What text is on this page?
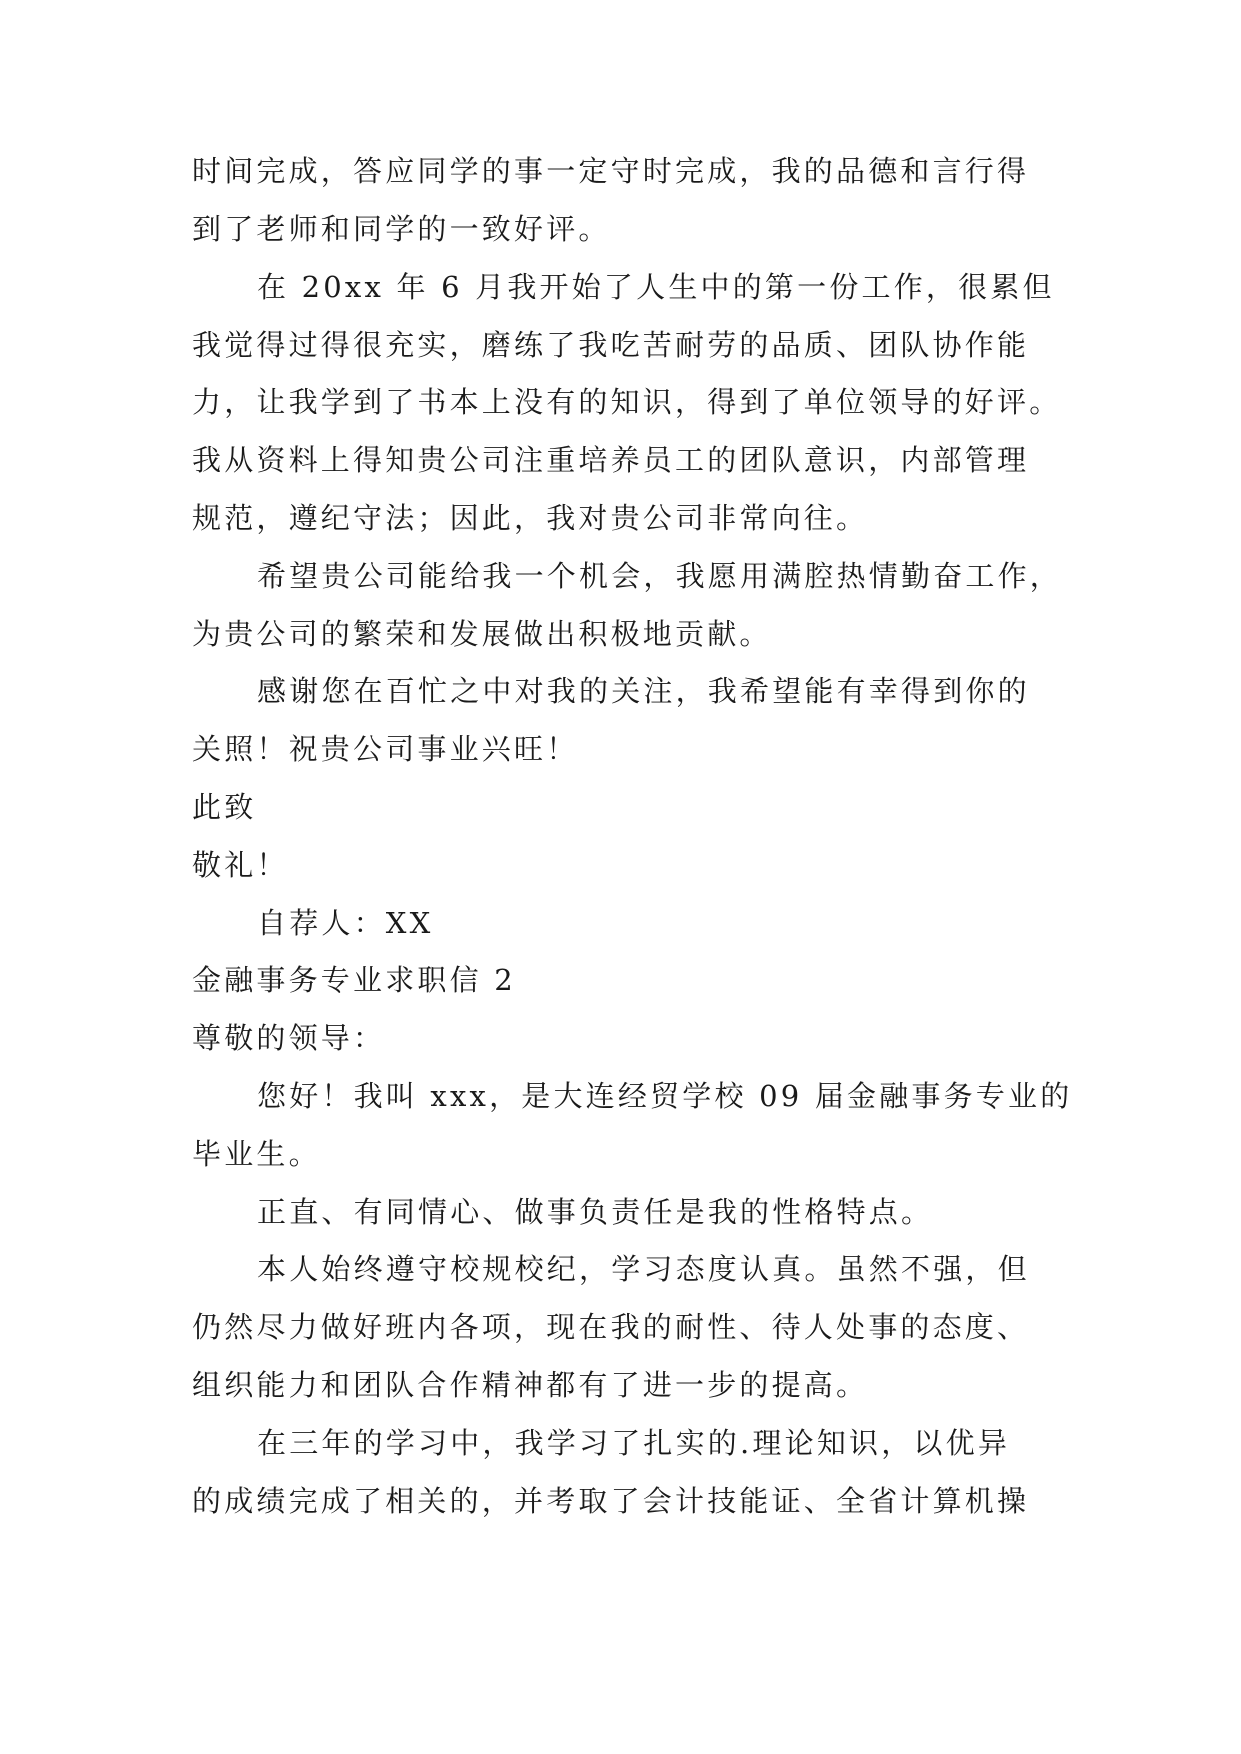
时间完成，答应同学的事一定守时完成，我的品德和言行得
到了老师和同学的一致好评。
在 20xx 年 6 月我开始了人生中的第一份工作，很累但
我觉得过得很充实，磨练了我吃苦耐劳的品质、团队协作能
力，让我学到了书本上没有的知识，得到了单位领导的好评。
我从资料上得知贵公司注重培养员工的团队意识，内部管理
规范，遵纪守法；因此，我对贵公司非常向往。
希望贵公司能给我一个机会，我愿用满腔热情勤奋工作，
为贵公司的繁荣和发展做出积极地贡献。
感谢您在百忙之中对我的关注，我希望能有幸得到你的
关照！祝贵公司事业兴旺！
此致
敬礼！
自荐人：XX
金融事务专业求职信 2
尊敬的领导：
您好！我叫 xxx，是大连经贸学校 09 届金融事务专业的
毕业生。
正直、有同情心、做事负责任是我的性格特点。
本人始终遵守校规校纪，学习态度认真。虽然不强，但
仍然尽力做好班内各项，现在我的耐性、待人处事的态度、
组织能力和团队合作精神都有了进一步的提高。
在三年的学习中，我学习了扎实的.理论知识，以优异
的成绩完成了相关的，并考取了会计技能证、全省计算机操
